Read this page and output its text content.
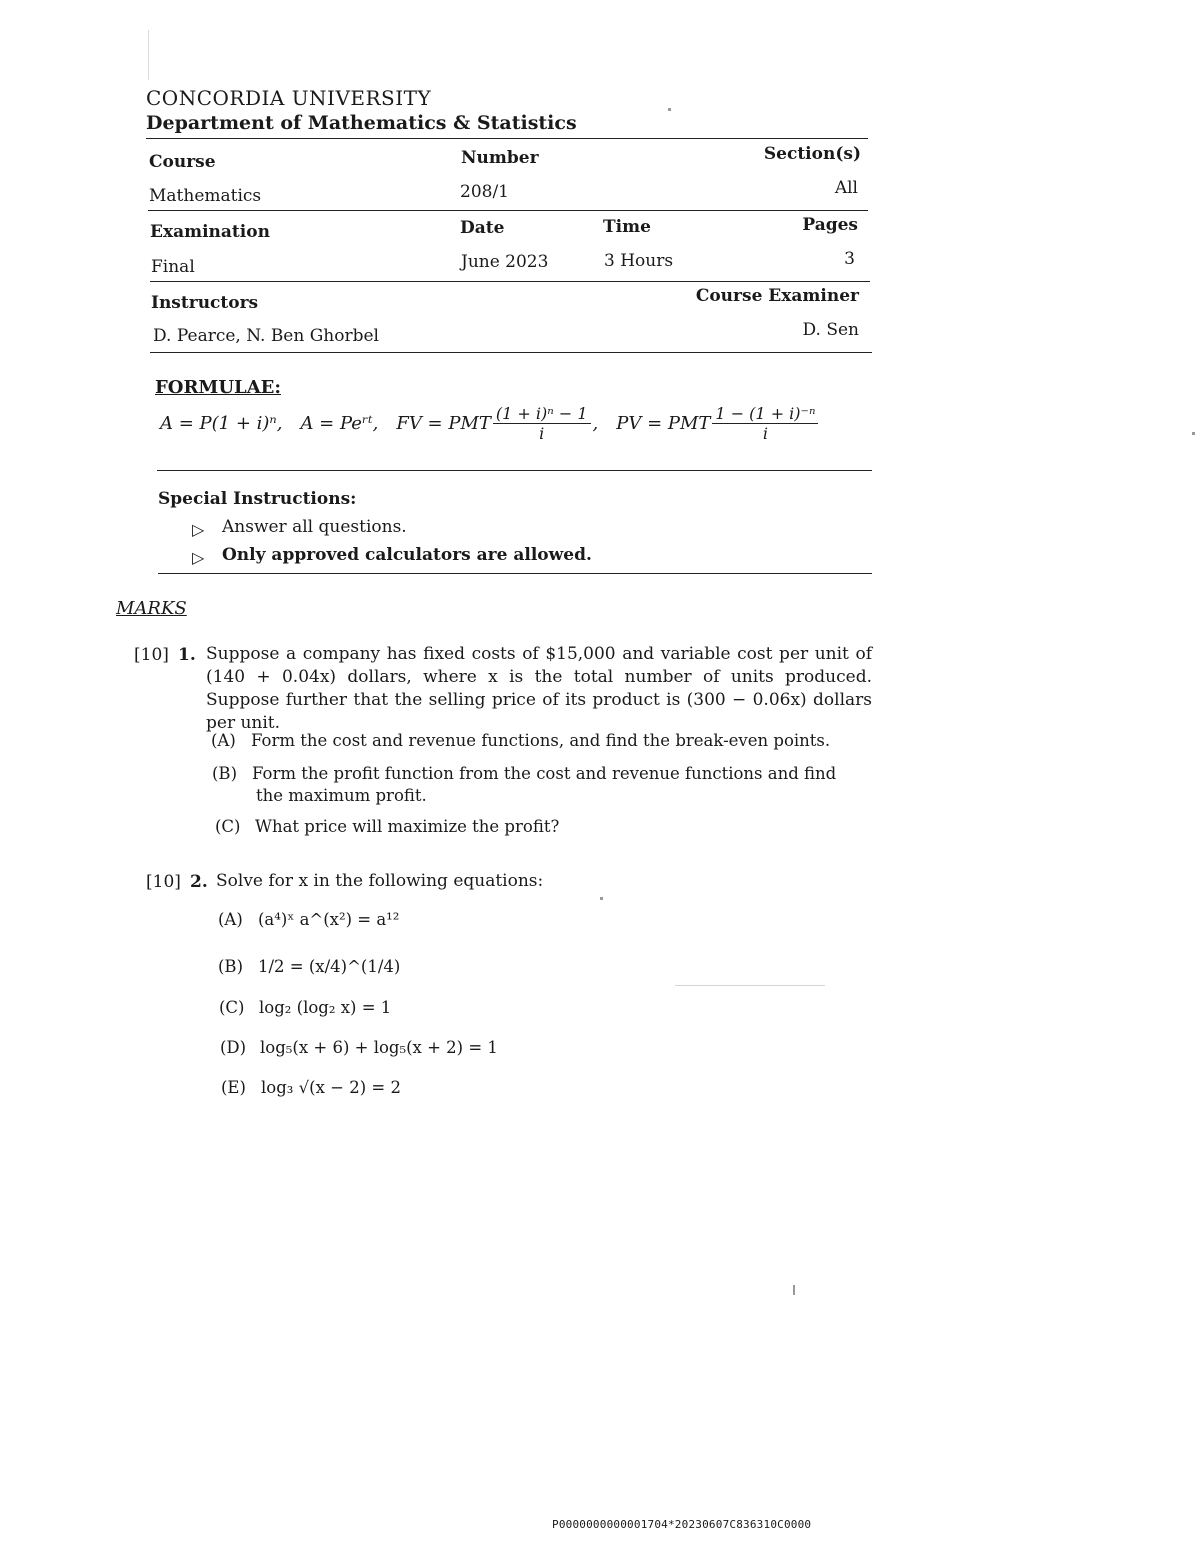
CONCORDIA UNIVERSITY
Department of Mathematics & Statistics
Course	Number	Section(s)
Mathematics	208/1	All
Examination	Date	Time	Pages
Final	June 2023	3 Hours	3
Instructors	Course Examiner
D. Pearce, N. Ben Ghorbel	D. Sen
FORMULAE:
A = P(1 + i)ⁿ, A = Peʳᵗ, FV = PMT $\frac{\text{(1 + i)ⁿ − 1}}{i}$ , PV = PMT $\frac{\text{1 − (1 + i)⁻ⁿ}}{i}$
Special Instructions:
▷ Answer all questions.
▷ Only approved calculators are allowed.
MARKS
[10] 1. Suppose a company has fixed costs of $15,000 and variable cost per unit of (140 + 0.04x) dollars, where x is the total number of units produced. Suppose further that the selling price of its product is (300 − 0.06x) dollars per unit.
(A) Form the cost and revenue functions, and find the break-even points.
(B) Form the profit function from the cost and revenue functions and find
the maximum profit.
(C) What price will maximize the profit?
[10] 2. Solve for x in the following equations:
(A) (a⁴)ˣ a^(x²) = a¹²
(B) 1/2 = (x/4)^(1/4)
(C) log₂ (log₂ x) = 1
(D) log₅(x + 6) + log₅(x + 2) = 1
(E) log₃ √(x − 2) = 2
P0000000000001704*20230607C836310C0000
